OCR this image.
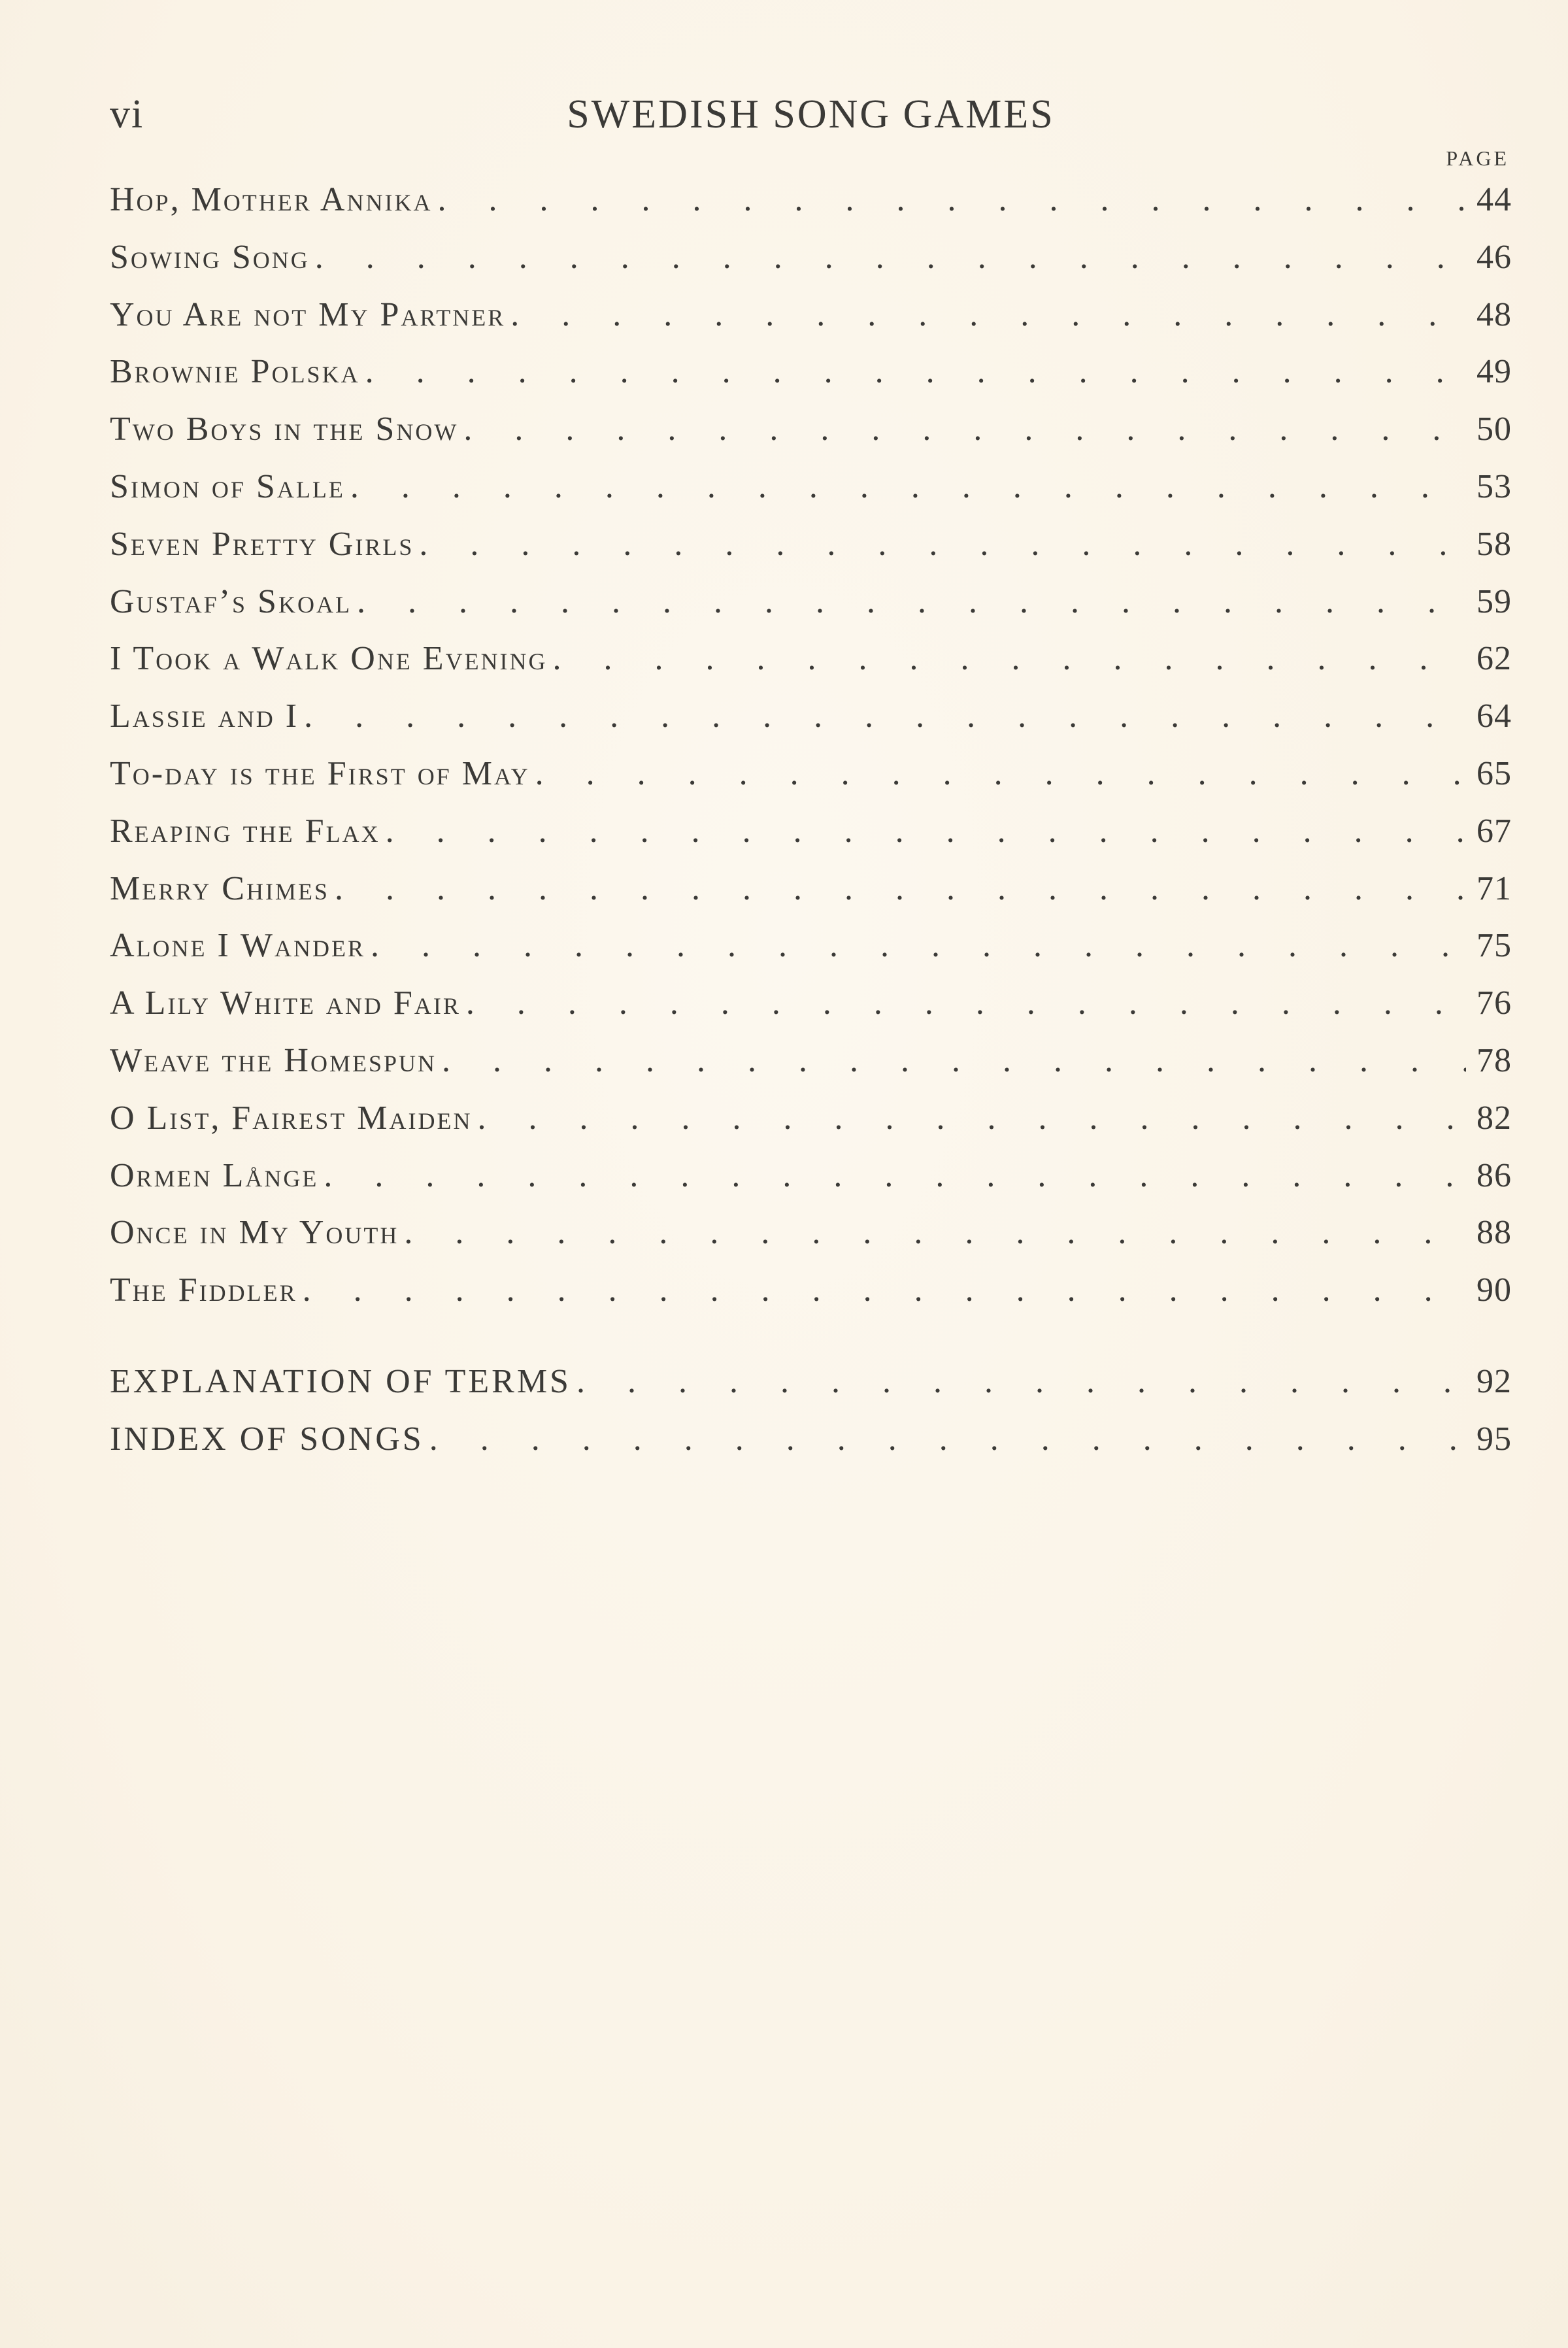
vi	SWEDISH SONG GAMES
PAGE
Hop, Mother Annika . . .	44
Sowing Song . . .	46
You Are not My Partner . . .	48
Brownie Polska . . .	49
Two Boys in the Snow . . .	50
Simon of Salle . . .	53
Seven Pretty Girls . . .	58
Gustaf’s Skoal . . .	59
I Took a Walk One Evening . . .	62
Lassie and I . . .	64
To-day is the First of May . . .	65
Reaping the Flax . . .	67
Merry Chimes . . .	71
Alone I Wander . . .	75
A Lily White and Fair . . .	76
Weave the Homespun . . .	78
O List, Fairest Maiden . . .	82
Ormen Långe . . .	86
Once in My Youth . . .	88
The Fiddler . . .	90
EXPLANATION OF TERMS . . .	92
INDEX OF SONGS . . .	95
